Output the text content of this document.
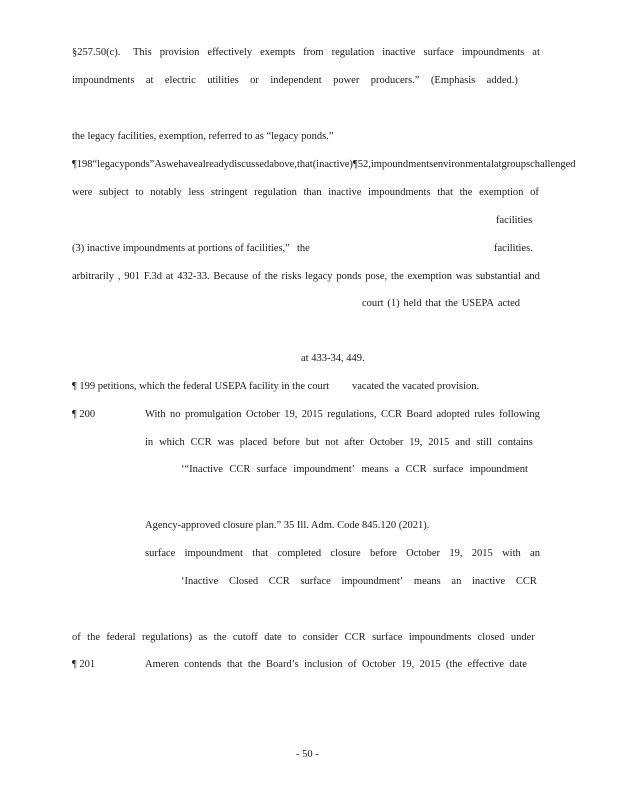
§257.50(c). This provision effectively exempts from regulation inactive surface impoundments at
impoundments at electric utilities or independent power producers.” (Emphasis added.)
the legacy facilities, exemption, referred to as “legacy ponds.”
¶ 198 “legacy ponds” As we have already discussed above, that (inactive) ¶ 52, impoundments environmental at groups challenged
were subject to notably less stringent regulation than inactive impoundments that the exemption of
facilities
(3) inactive impoundments at portions of facilities,” the	facilities.
arbitrarily , 901 F.3d at 432-33. Because of the risks legacy ponds pose, the exemption was substantial and
court (1) held that the USEPA acted
at 433-34, 449.
¶ 199 petitions, which the federal USEPA facility in the court vacated the vacated provision.
¶ 200	With no promulgation October 19, 2015 regulations, CCR Board adopted rules following
in which CCR was placed before but not after October 19, 2015 and still contains
‘“Inactive CCR surface impoundment’ means a CCR surface impoundment
Agency-approved closure plan.” 35 Ill. Adm. Code 845.120 (2021).
surface impoundment that completed closure before October 19, 2015 with an
‘Inactive Closed CCR surface impoundment’ means an inactive CCR
of the federal regulations) as the cutoff date to consider CCR surface impoundments closed under
¶ 201	Ameren contends that the Board’s inclusion of October 19, 2015 (the effective date
- 50 -
